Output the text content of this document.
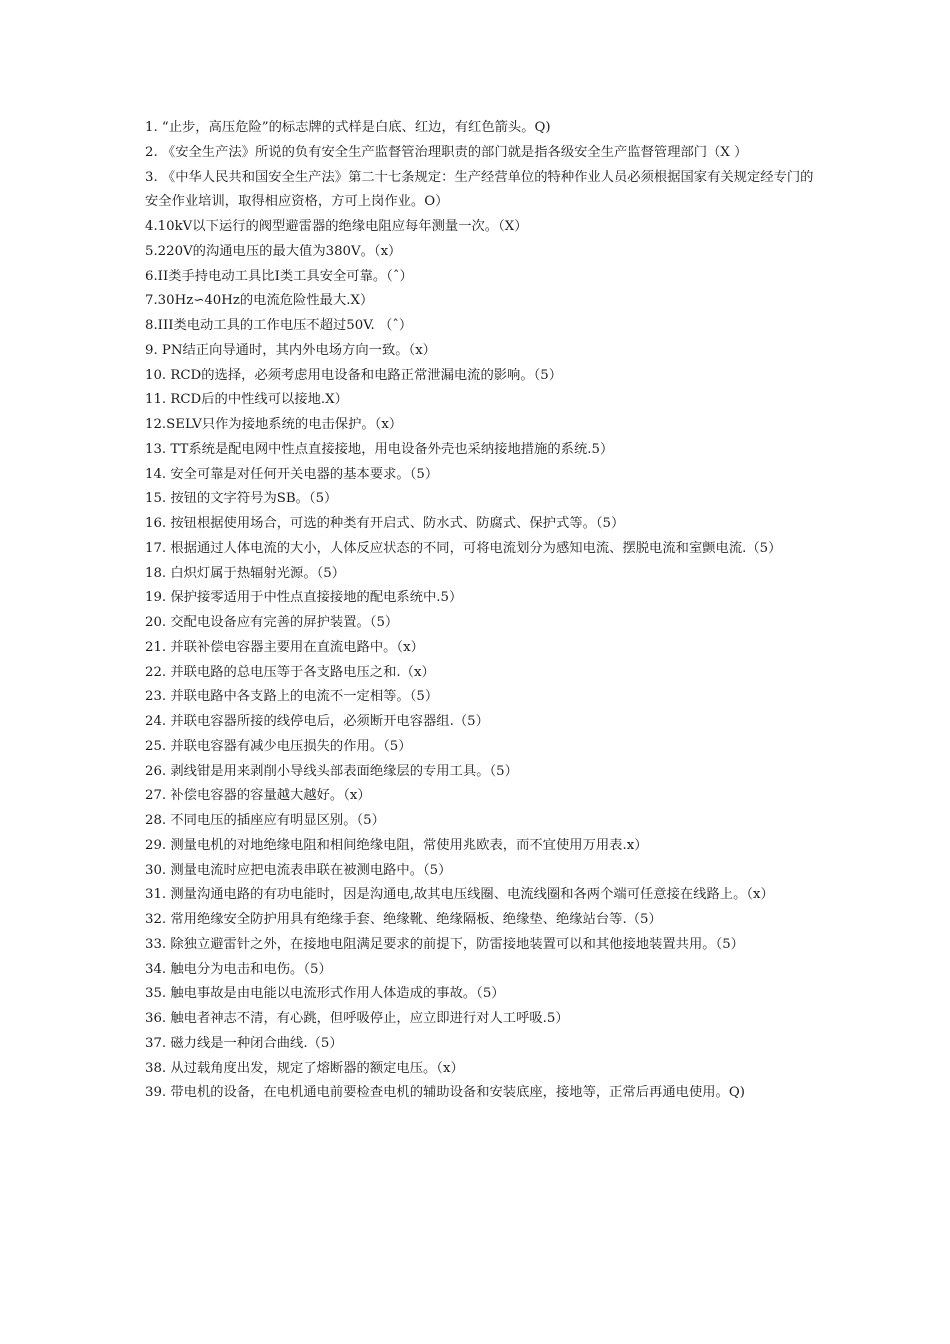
1. “止步，高压危险”的标志牌的式样是白底、红边，有红色箭头。Q)

2. 《安全生产法》所说的负有安全生产监督管治理职责的部门就是指各级安全生产监督管理部门（X ）

3. 《中华人民共和国安全生产法》第二十七条规定：生产经营单位的特种作业人员必须根据国家有关规定经专门的安全作业培训，取得相应资格，方可上岗作业。O）

4.10kV以下运行的阀型避雷器的绝缘电阻应每年测量一次。（X）

5.220V的沟通电压的最大值为380V。（x）

6.II类手持电动工具比I类工具安全可靠。（ˆ）

7.30Hz∽40Hz的电流危险性最大.X）

8.III类电动工具的工作电压不超过50V. （ˆ）

9. PN结正向导通时，其内外电场方向一致。（x）

10. RCD的选择，必须考虑用电设备和电路正常泄漏电流的影响。（5）

11. RCD后的中性线可以接地.X）

12.SELV只作为接地系统的电击保护。（x）

13. TT系统是配电网中性点直接接地，用电设备外壳也采纳接地措施的系统.5）

14. 安全可靠是对任何开关电器的基本要求。（5）

15. 按钮的文字符号为SB。（5）

16. 按钮根据使用场合，可选的种类有开启式、防水式、防腐式、保护式等。（5）

17. 根据通过人体电流的大小，人体反应状态的不同，可将电流划分为感知电流、摆脱电流和室颤电流.（5）

18. 白炽灯属于热辐射光源。（5）

19. 保护接零适用于中性点直接接地的配电系统中.5）

20. 交配电设备应有完善的屏护装置。（5）

21. 并联补偿电容器主要用在直流电路中。（x）

22. 并联电路的总电压等于各支路电压之和.（x）

23. 并联电路中各支路上的电流不一定相等。（5）

24. 并联电容器所接的线停电后，必须断开电容器组.（5）

25. 并联电容器有减少电压损失的作用。（5）

26. 剥线钳是用来剥削小导线头部表面绝缘层的专用工具。（5）

27. 补偿电容器的容量越大越好。（x）

28. 不同电压的插座应有明显区别。（5）

29. 测量电机的对地绝缘电阻和相间绝缘电阻，常使用兆欧表，而不宜使用万用表.x）

30. 测量电流时应把电流表串联在被测电路中。（5）

31. 测量沟通电路的有功电能时，因是沟通电,故其电压线圈、电流线圈和各两个端可任意接在线路上。（x）

32. 常用绝缘安全防护用具有绝缘手套、绝缘靴、绝缘隔板、绝缘垫、绝缘站台等.（5）

33. 除独立避雷针之外，在接地电阻满足要求的前提下，防雷接地装置可以和其他接地装置共用。（5）

34. 触电分为电击和电伤。（5）

35. 触电事故是由电能以电流形式作用人体造成的事故。（5）

36. 触电者神志不清，有心跳，但呼吸停止，应立即进行对人工呼吸.5）

37. 磁力线是一种闭合曲线.（5）

38. 从过载角度出发，规定了熔断器的额定电压。（x）

39. 带电机的设备，在电机通电前要检查电机的辅助设备和安装底座，接地等，正常后再通电使用。Q)
